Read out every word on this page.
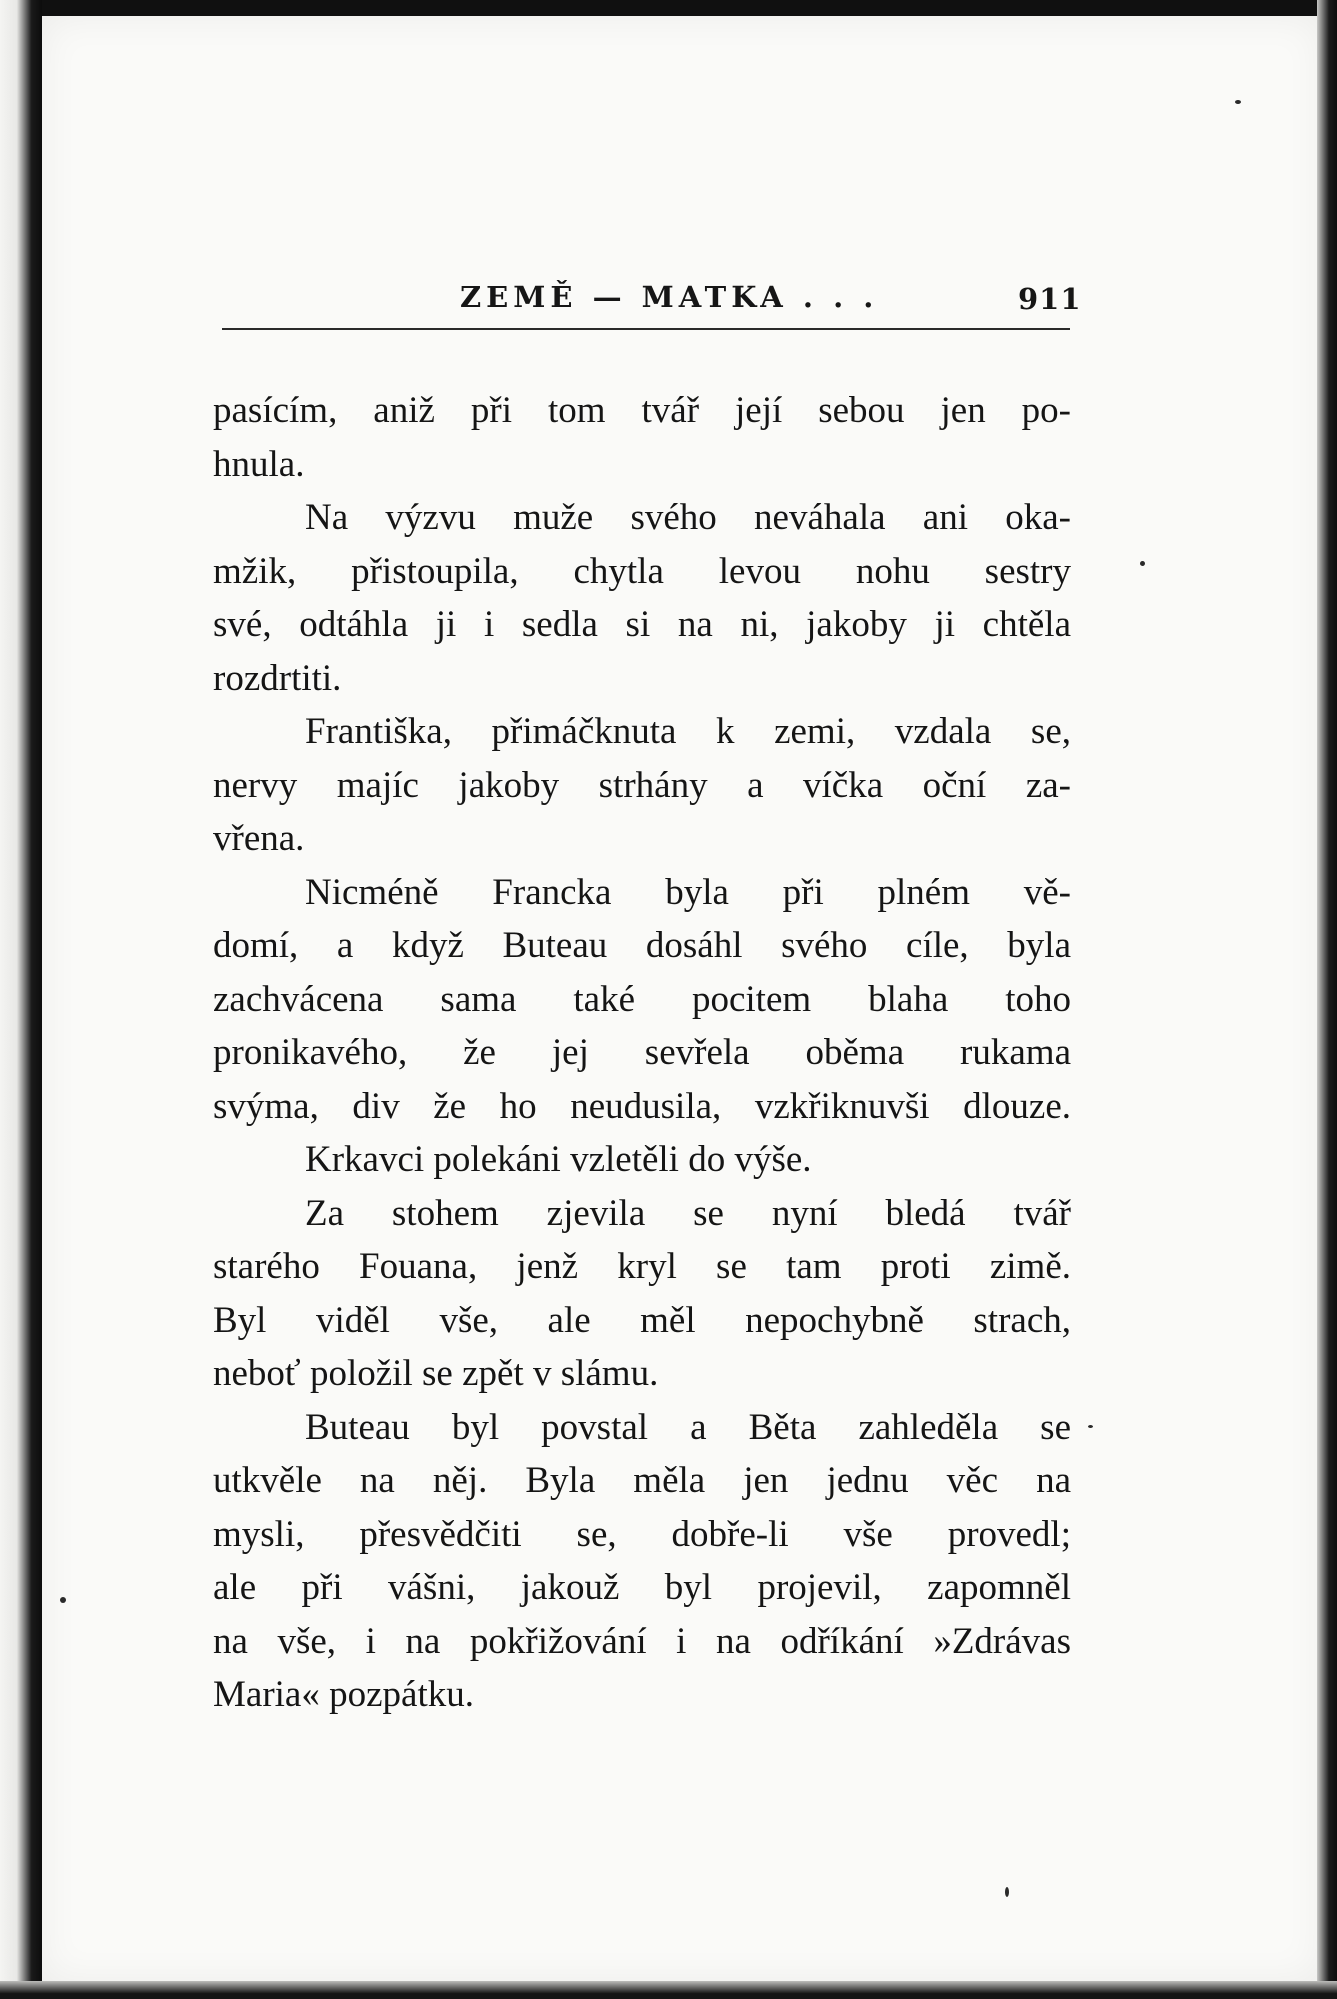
ZEMĚ — MATKA . . .	911
pasícím, aniž při tom tvář její sebou jen po-
hnula.
Na výzvu muže svého neváhala ani oka-
mžik, přistoupila, chytla levou nohu sestry
své, odtáhla ji i sedla si na ni, jakoby ji chtěla
rozdrtiti.
Františka, přimáčknuta k zemi, vzdala se,
nervy majíc jakoby strhány a víčka oční za-
vřena.
Nicméně Francka byla při plném vě-
domí, a když Buteau dosáhl svého cíle, byla
zachvácena sama také pocitem blaha toho
pronikavého, že jej sevřela oběma rukama
svýma, div že ho neudusila, vzkřiknuvši dlouze.
Krkavci polekáni vzletěli do výše.
Za stohem zjevila se nyní bledá tvář
starého Fouana, jenž kryl se tam proti zimě.
Byl viděl vše, ale měl nepochybně strach,
neboť položil se zpět v slámu.
Buteau byl povstal a Běta zahleděla se
utkvěle na něj. Byla měla jen jednu věc na
mysli, přesvědčiti se, dobře-li vše provedl;
ale při vášni, jakouž byl projevil, zapomněl
na vše, i na pokřižování i na odříkání »Zdrávas
Maria« pozpátku.
